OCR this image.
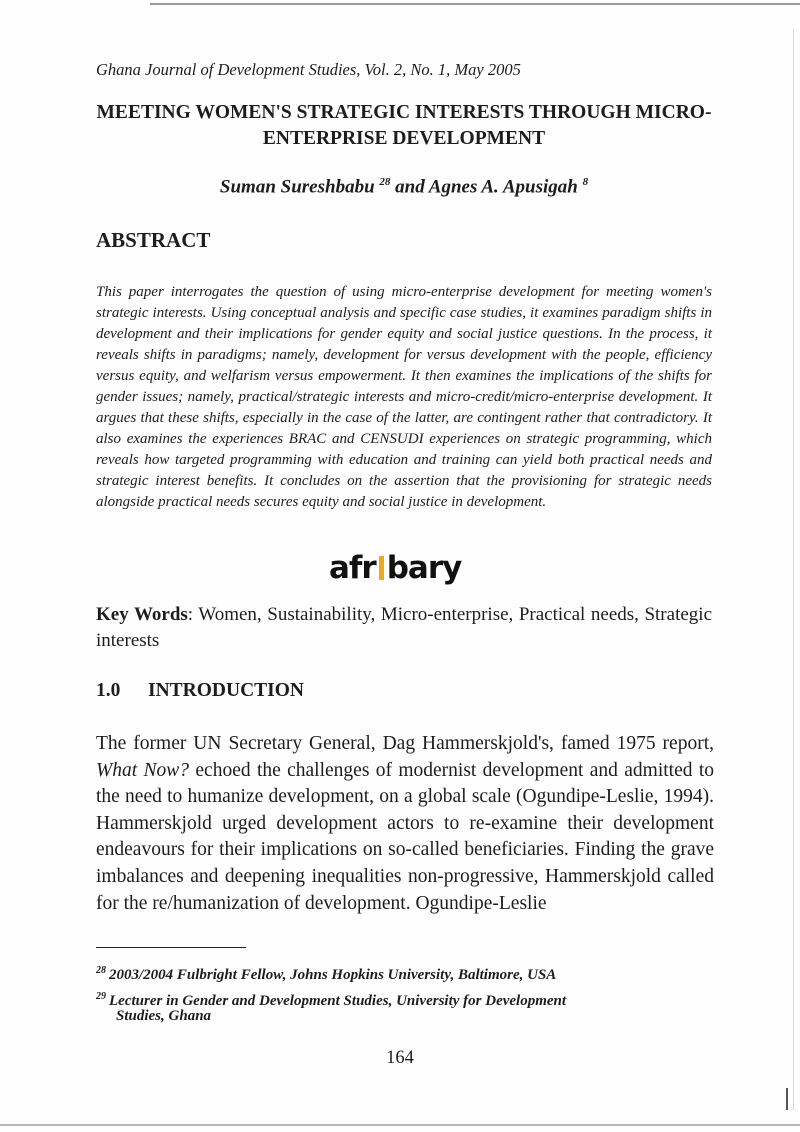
Ghana Journal of Development Studies, Vol. 2, No. 1, May 2005
MEETING WOMEN'S STRATEGIC INTERESTS THROUGH MICRO-ENTERPRISE DEVELOPMENT
Suman Sureshbabu $^{28}$ and Agnes A. Apusigah $^8$
ABSTRACT

This paper interrogates the question of using micro-enterprise development for meeting women's strategic interests. Using conceptual analysis and specific case studies, it examines paradigm shifts in development and their implications for gender equity and social justice questions. In the process, it reveals shifts in paradigms; namely, development for versus development with the people, efficiency versus equity, and welfarism versus empowerment. It then examines the implications of the shifts for gender issues; namely, practical/strategic interests and micro-credit/micro-enterprise development. It argues that these shifts, especially in the case of the latter, are contingent rather that contradictory. It also examines the experiences BRAC and CENSUDI experiences on strategic programming, which reveals how targeted programming with education and training can yield both practical needs and strategic interest benefits. It concludes on the assertion that the provisioning for strategic needs alongside practical needs secures equity and social justice in development.

afr bary

Key Words: Women, Sustainability, Micro-enterprise, Practical needs, Strategic interests

1.0 INTRODUCTION

The former UN Secretary General, Dag Hammerskjold's, famed 1975 report, What Now? echoed the challenges of modernist development and admitted to the need to humanize development, on a global scale (Ogundipe-Leslie, 1994). Hammerskjold urged development actors to re-examine their development endeavours for their implications on so-called beneficiaries. Finding the grave imbalances and deepening inequalities non-progressive, Hammerskjold called for the re/humanization of development. Ogundipe-Leslie

$^{28}$ 2003/2004 Fulbright Fellow, Johns Hopkins University, Baltimore, USA
$^{29}$ Lecturer in Gender and Development Studies, University for Development
Studies, Ghana
164
